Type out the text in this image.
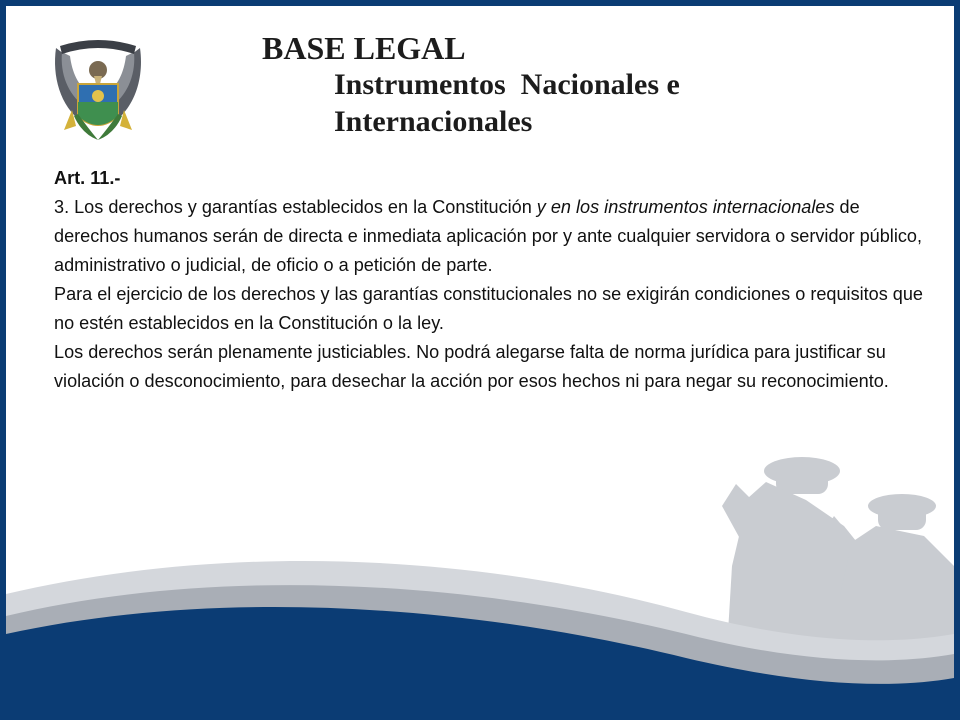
BASE LEGAL
Instrumentos  Nacionales e
Internacionales

Art. 11.-

3. Los derechos y garantías establecidos en la Constitución y en los instrumentos internacionales de derechos humanos serán de directa e inmediata aplicación por y ante cualquier servidora o servidor público, administrativo o judicial, de oficio o a petición de parte.

Para el ejercicio de los derechos y las garantías constitucionales no se exigirán condiciones o requisitos que no estén establecidos en la Constitución o la ley.

Los derechos serán plenamente justiciables. No podrá alegarse falta de norma jurídica para justificar su violación o desconocimiento, para desechar la acción por esos hechos ni para negar su reconocimiento.
